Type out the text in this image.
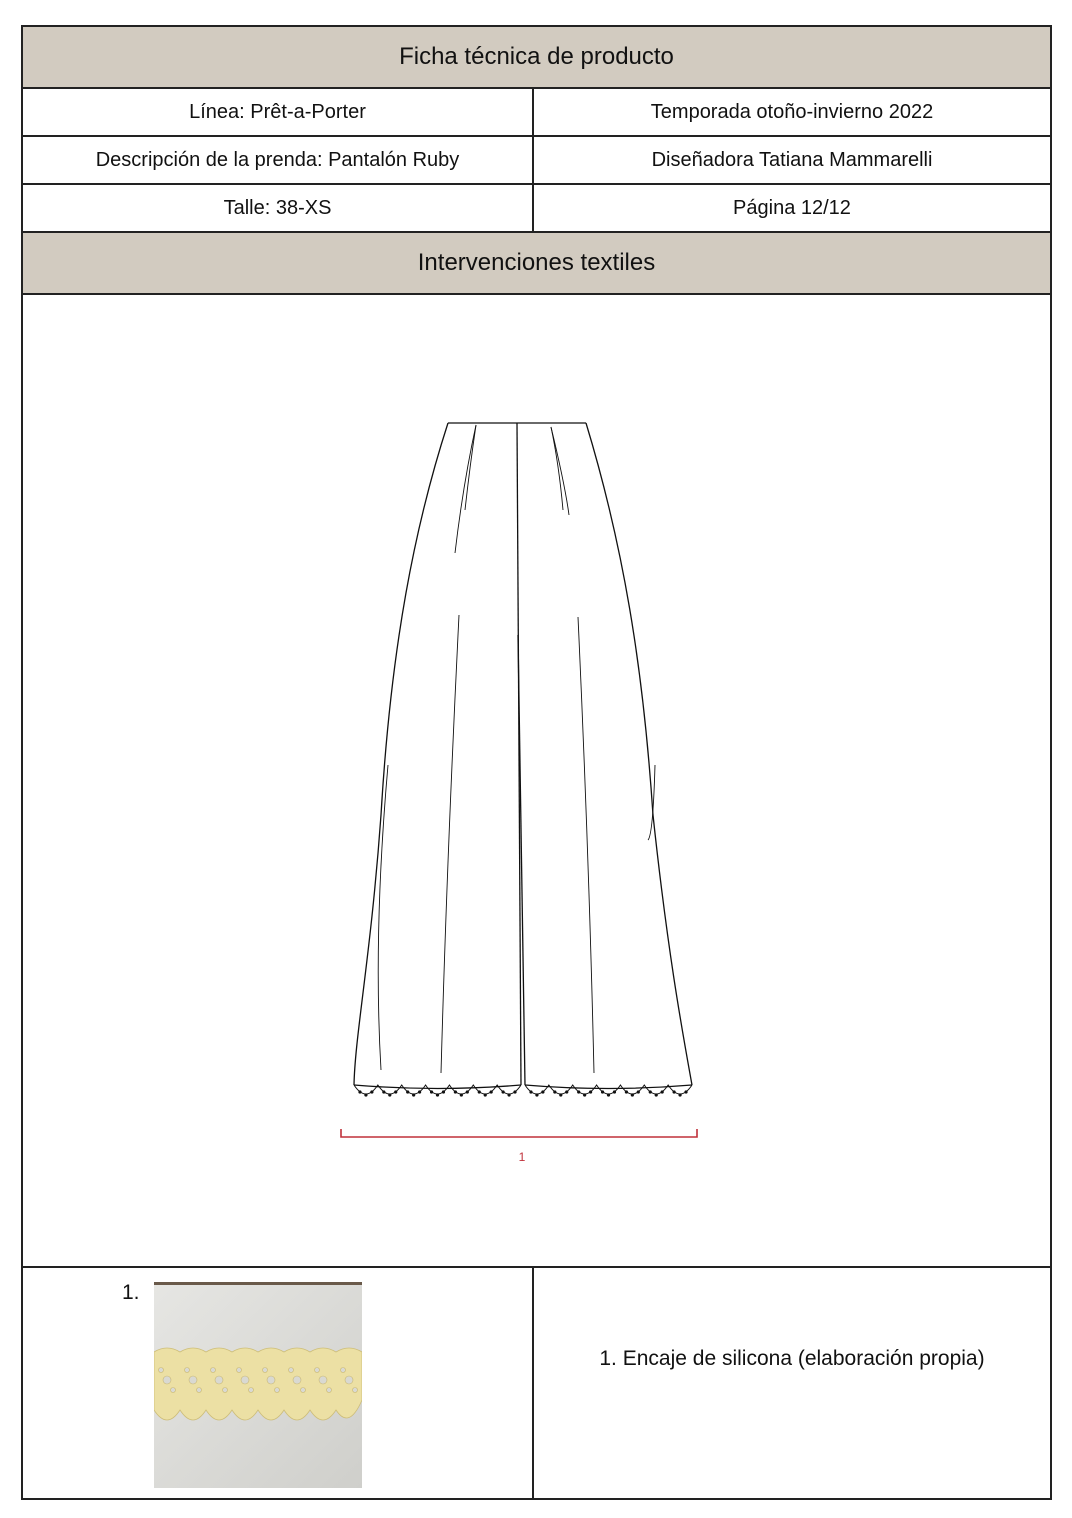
Ficha técnica de producto
Línea: Prêt-a-Porter	Temporada otoño-invierno 2022
Descripción de la prenda: Pantalón Ruby	Diseñadora Tatiana Mammarelli
Talle: 38-XS	Página 12/12
Intervenciones textiles
1
1.
1. Encaje de silicona (elaboración propia)
